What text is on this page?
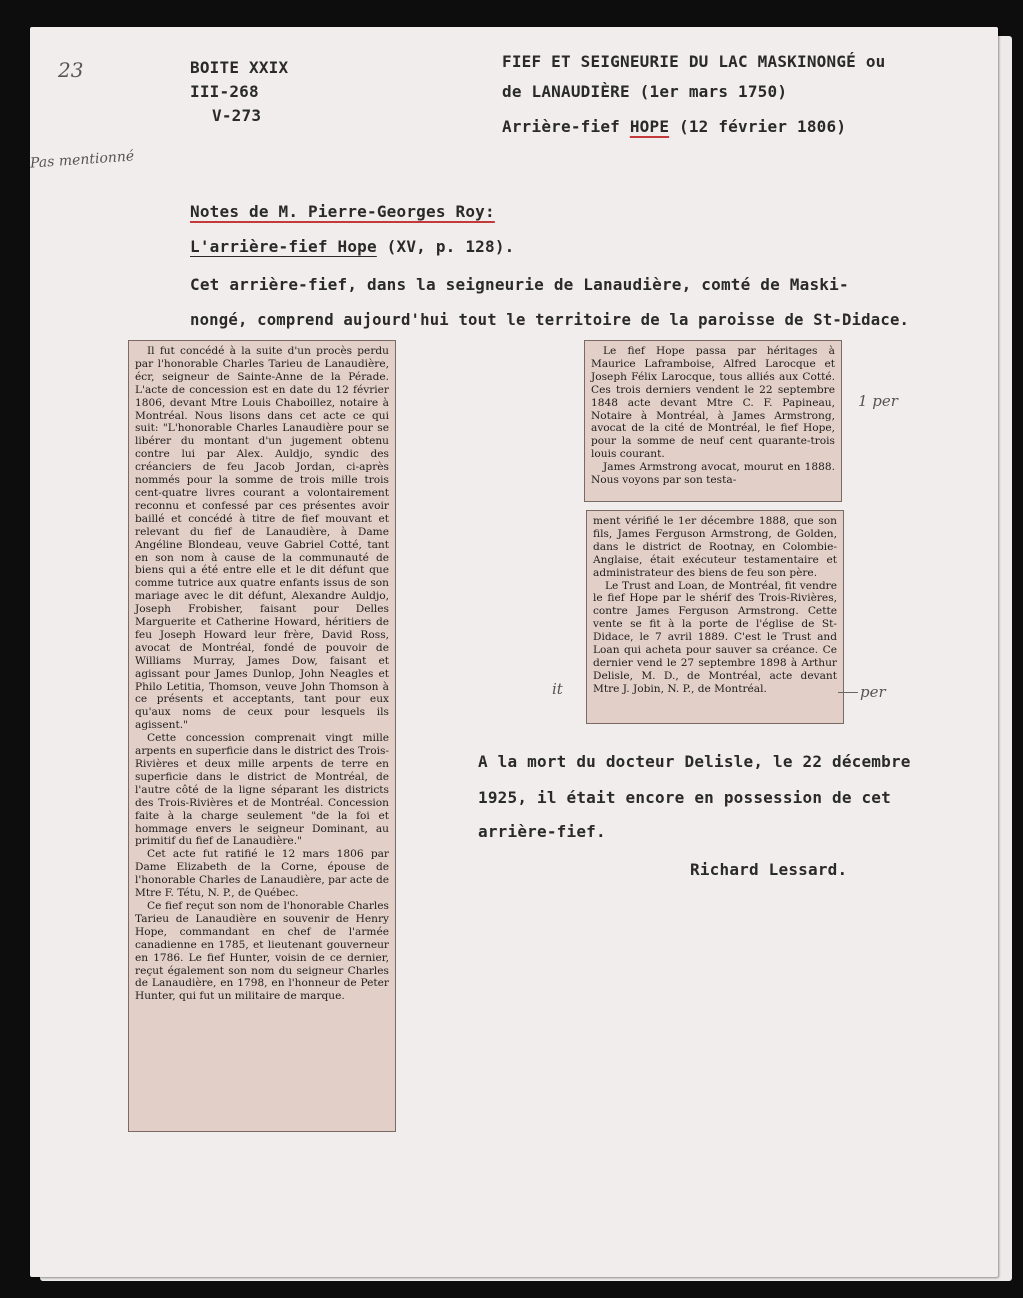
23	BOITE XXIX
III-268
V-273
Pas mentionné
FIEF ET SEIGNEURIE DU LAC MASKINONGÉ ou
de LANAUDIÈRE (1er mars 1750)
Arrière-fief HOPE (12 février 1806)
Notes de M. Pierre-Georges Roy:
L'arrière-fief Hope (XV, p. 128).
Cet arrière-fief, dans la seigneurie de Lanaudière, comté de Maski-
nongé, comprend aujourd'hui tout le territoire de la paroisse de St-Didace.

Il fut concédé à la suite d'un procès perdu par l'honorable Charles Tarieu de Lanaudière, écr, seigneur de Sainte-Anne de la Pérade. L'acte de concession est en date du 12 février 1806, devant Mtre Louis Chaboillez, notaire à Montréal. Nous lisons dans cet acte ce qui suit: "L'honorable Charles Lanaudière pour se libérer du montant d'un jugement obtenu contre lui par Alex. Auldjo, syndic des créanciers de feu Jacob Jordan, ci-après nommés pour la somme de trois mille trois cent-quatre livres courant a volontairement reconnu et confessé par ces présentes avoir baillé et concédé à titre de fief mouvant et relevant du fief de Lanaudière, à Dame Angéline Blondeau, veuve Gabriel Cotté, tant en son nom à cause de la communauté de biens qui a été entre elle et le dit défunt que comme tutrice aux quatre enfants issus de son mariage avec le dit défunt, Alexandre Auldjo, Joseph Frobisher, faisant pour Delles Marguerite et Catherine Howard, héritiers de feu Joseph Howard leur frère, David Ross, avocat de Montréal, fondé de pouvoir de Williams Murray, James Dow, faisant et agissant pour James Dunlop, John Neagles et Philo Letitia, Thomson, veuve John Thomson à ce présents et acceptants, tant pour eux qu'aux noms de ceux pour lesquels ils agissent."

Cette concession comprenait vingt mille arpents en superficie dans le district des Trois-Rivières et deux mille arpents de terre en superficie dans le district de Montréal, de l'autre côté de la ligne séparant les districts des Trois-Rivières et de Montréal. Concession faite à la charge seulement "de la foi et hommage envers le seigneur Dominant, au primitif du fief de Lanaudière."

Cet acte fut ratifié le 12 mars 1806 par Dame Elizabeth de la Corne, épouse de l'honorable Charles de Lanaudière, par acte de Mtre F. Tétu, N. P., de Québec.

Ce fief reçut son nom de l'honorable Charles Tarieu de Lanaudière en souvenir de Henry Hope, commandant en chef de l'armée canadienne en 1785, et lieutenant gouverneur en 1786. Le fief Hunter, voisin de ce dernier, reçut également son nom du seigneur Charles de Lanaudière, en 1798, en l'honneur de Peter Hunter, qui fut un militaire de marque.

Le fief Hope passa par héritages à Maurice Laframboise, Alfred Larocque et Joseph Félix Larocque, tous alliés aux Cotté. Ces trois derniers vendent le 22 septembre 1848 acte devant Mtre C. F. Papineau, Notaire à Montréal, à James Armstrong, avocat de la cité de Montréal, le fief Hope, pour la somme de neuf cent quarante-trois louis courant.

James Armstrong avocat, mourut en 1888. Nous voyons par son testa-

ment vérifié le 1er décembre 1888, que son fils, James Ferguson Armstrong, de Golden, dans le district de Rootnay, en Colombie-Anglaise, était exécuteur testamentaire et administrateur des biens de feu son père.

Le Trust and Loan, de Montréal, fit vendre le fief Hope par le shérif des Trois-Rivières, contre James Ferguson Armstrong. Cette vente se fit à la porte de l'église de St-Didace, le 7 avril 1889. C'est le Trust and Loan qui acheta pour sauver sa créance. Ce dernier vend le 27 septembre 1898 à Arthur Delisle, M. D., de Montréal, acte devant Mtre J. Jobin, N. P., de Montréal.

1 per
it	per
A la mort du docteur Delisle, le 22 décembre
1925, il était encore en possession de cet
arrière-fief.
Richard Lessard.
